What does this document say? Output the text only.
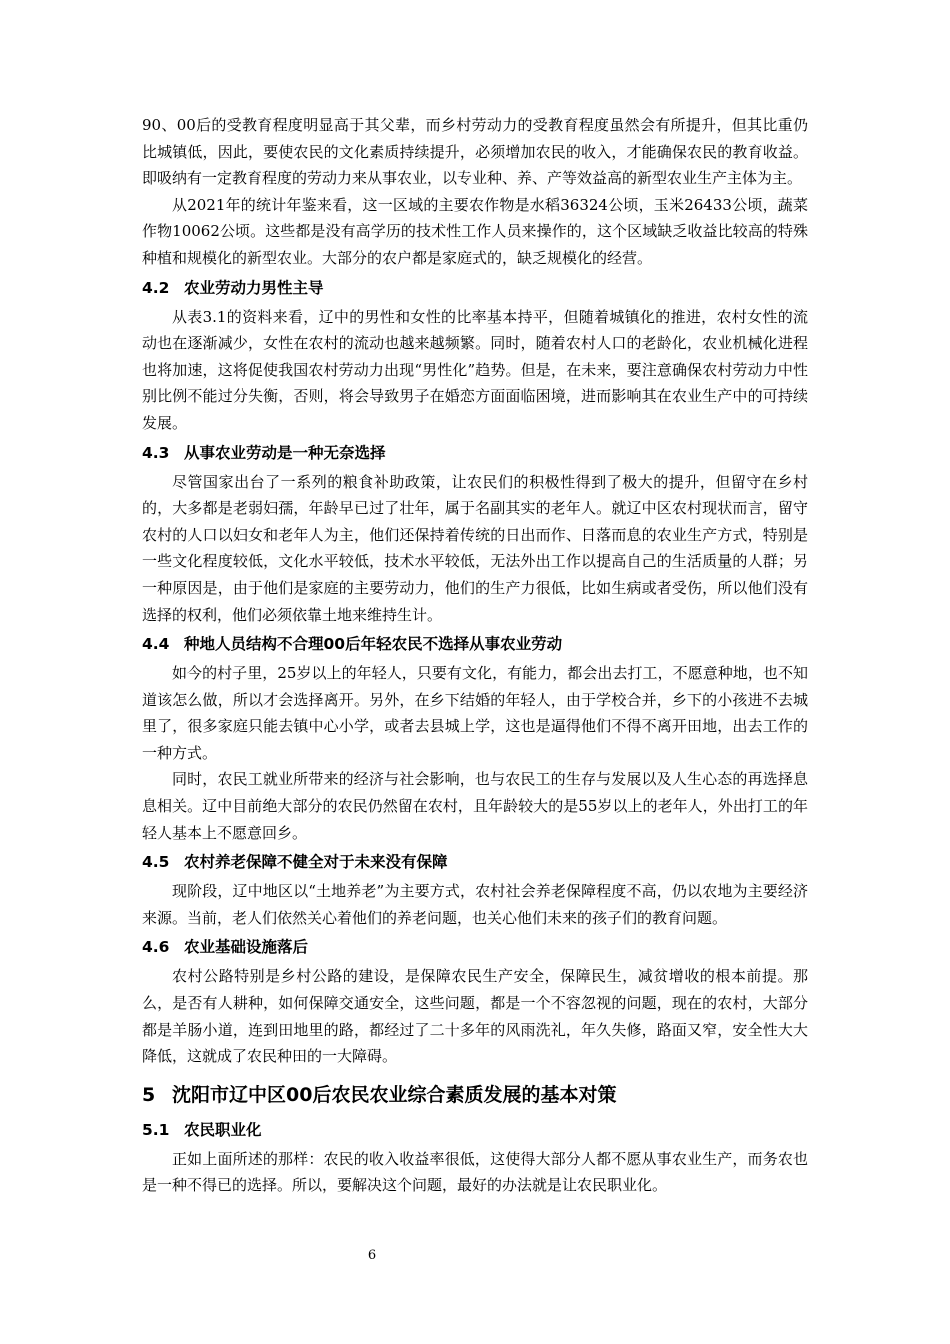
90、00后的受教育程度明显高于其父辈，而乡村劳动力的受教育程度虽然会有所提升，但其比重仍比城镇低，因此，要使农民的文化素质持续提升，必须增加农民的收入，才能确保农民的教育收益。即吸纳有一定教育程度的劳动力来从事农业，以专业种、养、产等效益高的新型农业生产主体为主。

从2021年的统计年鉴来看，这一区域的主要农作物是水稻36324公顷，玉米26433公顷，蔬菜作物10062公顷。这些都是没有高学历的技术性工作人员来操作的，这个区域缺乏收益比较高的特殊种植和规模化的新型农业。大部分的农户都是家庭式的，缺乏规模化的经营。

4.2 农业劳动力男性主导

从表3.1的资料来看，辽中的男性和女性的比率基本持平，但随着城镇化的推进，农村女性的流动也在逐渐减少，女性在农村的流动也越来越频繁。同时，随着农村人口的老龄化，农业机械化进程也将加速，这将促使我国农村劳动力出现“男性化”趋势。但是，在未来，要注意确保农村劳动力中性别比例不能过分失衡，否则，将会导致男子在婚恋方面面临困境，进而影响其在农业生产中的可持续发展。

4.3 从事农业劳动是一种无奈选择

尽管国家出台了一系列的粮食补助政策，让农民们的积极性得到了极大的提升，但留守在乡村的，大多都是老弱妇孺，年龄早已过了壮年，属于名副其实的老年人。就辽中区农村现状而言，留守农村的人口以妇女和老年人为主，他们还保持着传统的日出而作、日落而息的农业生产方式，特别是一些文化程度较低，文化水平较低，技术水平较低，无法外出工作以提高自己的生活质量的人群；另一种原因是，由于他们是家庭的主要劳动力，他们的生产力很低，比如生病或者受伤，所以他们没有选择的权利，他们必须依靠土地来维持生计。

4.4 种地人员结构不合理00后年轻农民不选择从事农业劳动

如今的村子里，25岁以上的年轻人，只要有文化，有能力，都会出去打工，不愿意种地，也不知道该怎么做，所以才会选择离开。另外，在乡下结婚的年轻人，由于学校合并，乡下的小孩进不去城里了，很多家庭只能去镇中心小学，或者去县城上学，这也是逼得他们不得不离开田地，出去工作的一种方式。

同时，农民工就业所带来的经济与社会影响，也与农民工的生存与发展以及人生心态的再选择息息相关。辽中目前绝大部分的农民仍然留在农村，且年龄较大的是55岁以上的老年人，外出打工的年轻人基本上不愿意回乡。

4.5 农村养老保障不健全对于未来没有保障

现阶段，辽中地区以“土地养老”为主要方式，农村社会养老保障程度不高，仍以农地为主要经济来源。当前，老人们依然关心着他们的养老问题，也关心他们未来的孩子们的教育问题。

4.6 农业基础设施落后

农村公路特别是乡村公路的建设，是保障农民生产安全，保障民生，减贫增收的根本前提。那么，是否有人耕种，如何保障交通安全，这些问题，都是一个不容忽视的问题，现在的农村，大部分都是羊肠小道，连到田地里的路，都经过了二十多年的风雨洗礼，年久失修，路面又窄，安全性大大降低，这就成了农民种田的一大障碍。

5 沈阳市辽中区00后农民农业综合素质发展的基本对策
5.1 农民职业化

正如上面所述的那样：农民的收入收益率很低，这使得大部分人都不愿从事农业生产，而务农也是一种不得已的选择。所以，要解决这个问题，最好的办法就是让农民职业化。

6
